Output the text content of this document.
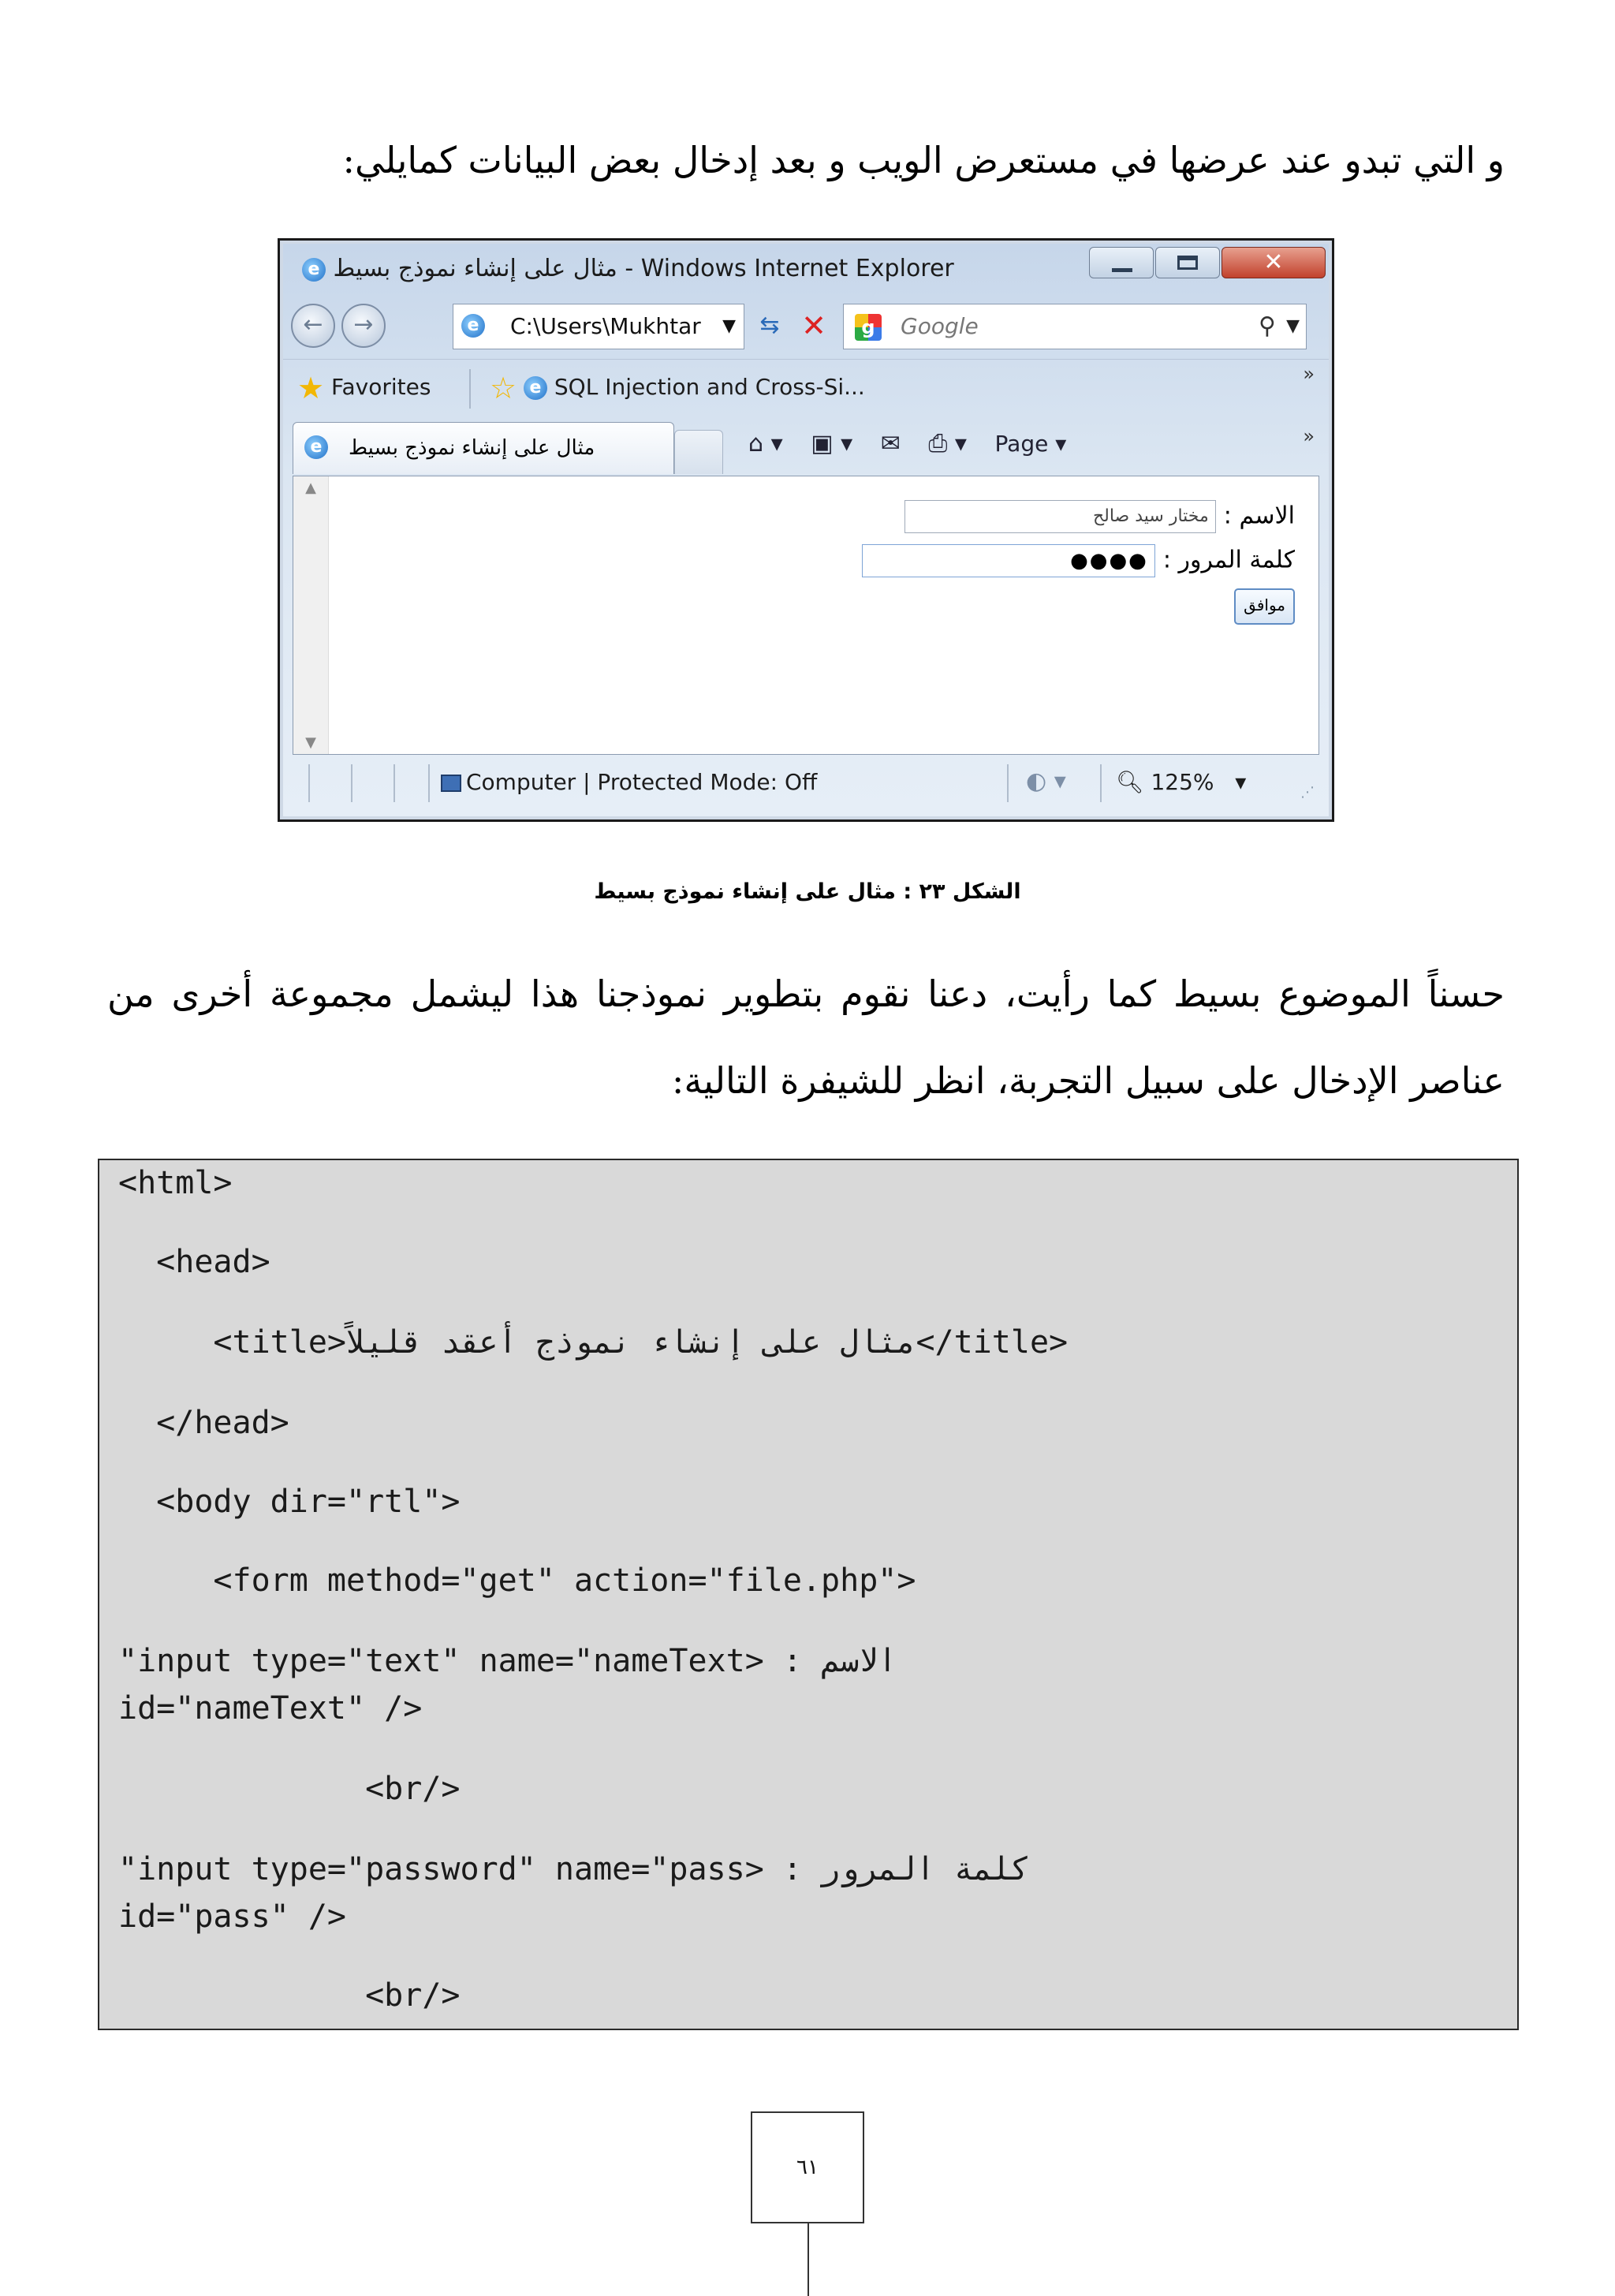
و التي تبدو عند عرضها في مستعرض الويب و بعد إدخال بعض البيانات كمايلي:
e مثال على إنشاء نموذج بسيط - Windows Internet Explorer	✕
←	→	e C:\Users\Mukhtar ▼	⇆ ✕	g	Google	⚲ ▼
★ Favorites ☆ e SQL Injection and Cross-Si...	»
e مثال على إنشاء نموذج بسيط	⌂ ▾ ▣ ▾ ✉ ⎙ ▾ Page ▾	»
▲
▼
الاسم :مختار سيد صالح
كلمة المرور :●●●●
موافق
Computer | Protected Mode: Off	◐ ▾ 🔍︎ 125%   ▾	⋰
الشكل ٢٣ : مثال على إنشاء نموذج بسيط
حسناً الموضوع بسيط كما رأيت، دعنا نقوم بتطوير نموذجنا هذا ليشمل مجموعة أخرى من عناصر الإدخال على سبيل التجربة، انظر للشيفرة التالية:
<html>
<head>
<title>مثال على إنشاء نموذج أعقد قليلاً</title>
</head>
<body dir="rtl">
<form method="get" action="file.php">
الاسم : <input type="text" name="nameText"
id="nameText" />
<br/>
كلمة المرور : <input type="password" name="pass"
id="pass" />
<br/>
٦١
